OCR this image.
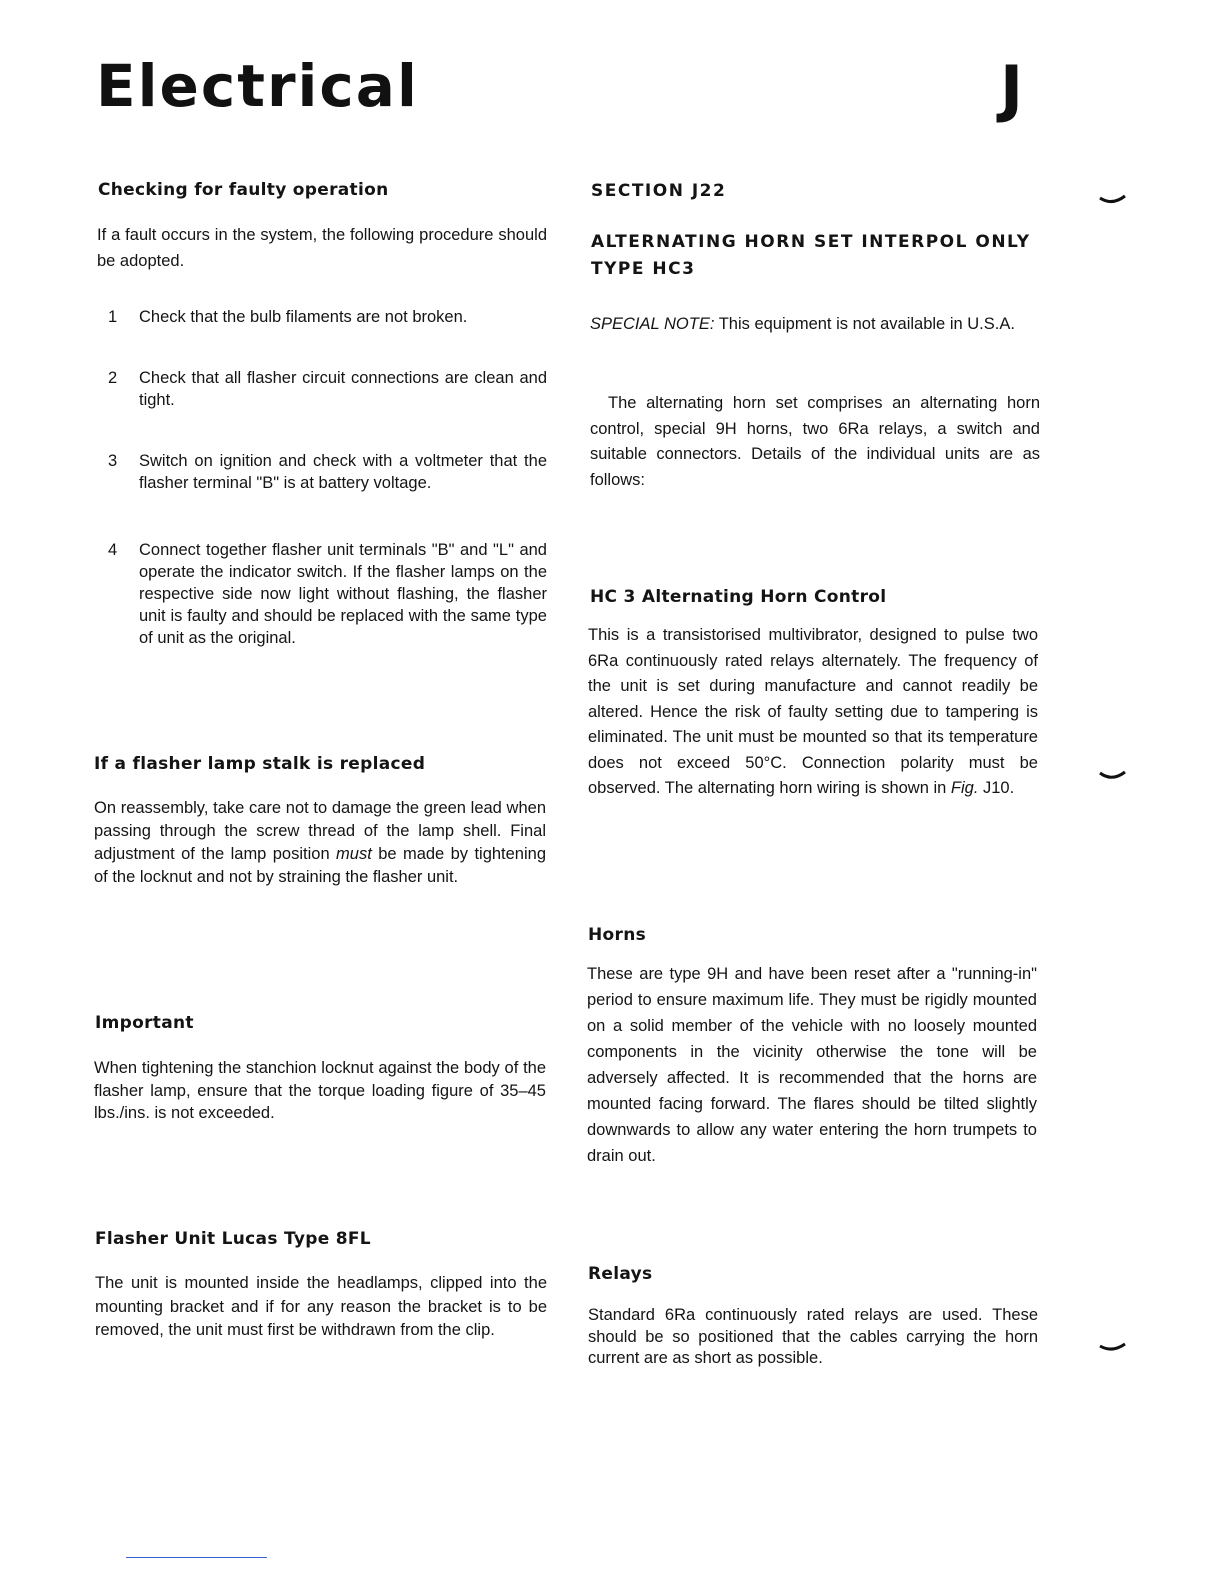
Electrical	J
Checking for faulty operation

If a fault occurs in the system, the following procedure should be adopted.

1 Check that the bulb filaments are not broken.
2 Check that all flasher circuit connections are clean and tight.
3 Switch on ignition and check with a voltmeter that the flasher terminal "B" is at battery voltage.
4 Connect together flasher unit terminals "B" and "L" and operate the indicator switch. If the flasher lamps on the respective side now light without flashing, the flasher unit is faulty and should be replaced with the same type of unit as the original.
If a flasher lamp stalk is replaced

On reassembly, take care not to damage the green lead when passing through the screw thread of the lamp shell. Final adjustment of the lamp position must be made by tightening of the locknut and not by straining the flasher unit.

Important

When tightening the stanchion locknut against the body of the flasher lamp, ensure that the torque loading figure of 35–45 lbs./ins. is not exceeded.

Flasher Unit Lucas Type 8FL

The unit is mounted inside the headlamps, clipped into the mounting bracket and if for any reason the bracket is to be removed, the unit must first be withdrawn from the clip.

SECTION J22
ALTERNATING HORN SET INTERPOL ONLY
TYPE HC3

SPECIAL NOTE: This equipment is not available in U.S.A.

The alternating horn set comprises an alternating horn control, special 9H horns, two 6Ra relays, a switch and suitable connectors. Details of the individual units are as follows:

HC 3 Alternating Horn Control

This is a transistorised multivibrator, designed to pulse two 6Ra continuously rated relays alternately. The frequency of the unit is set during manufacture and cannot readily be altered. Hence the risk of faulty setting due to tampering is eliminated. The unit must be mounted so that its temperature does not exceed 50°C. Connection polarity must be observed. The alternating horn wiring is shown in Fig. J10.

Horns

These are type 9H and have been reset after a "running-in" period to ensure maximum life. They must be rigidly mounted on a solid member of the vehicle with no loosely mounted components in the vicinity otherwise the tone will be adversely affected. It is recommended that the horns are mounted facing forward. The flares should be tilted slightly downwards to allow any water entering the horn trumpets to drain out.

Relays

Standard 6Ra continuously rated relays are used. These should be so positioned that the cables carrying the horn current are as short as possible.
